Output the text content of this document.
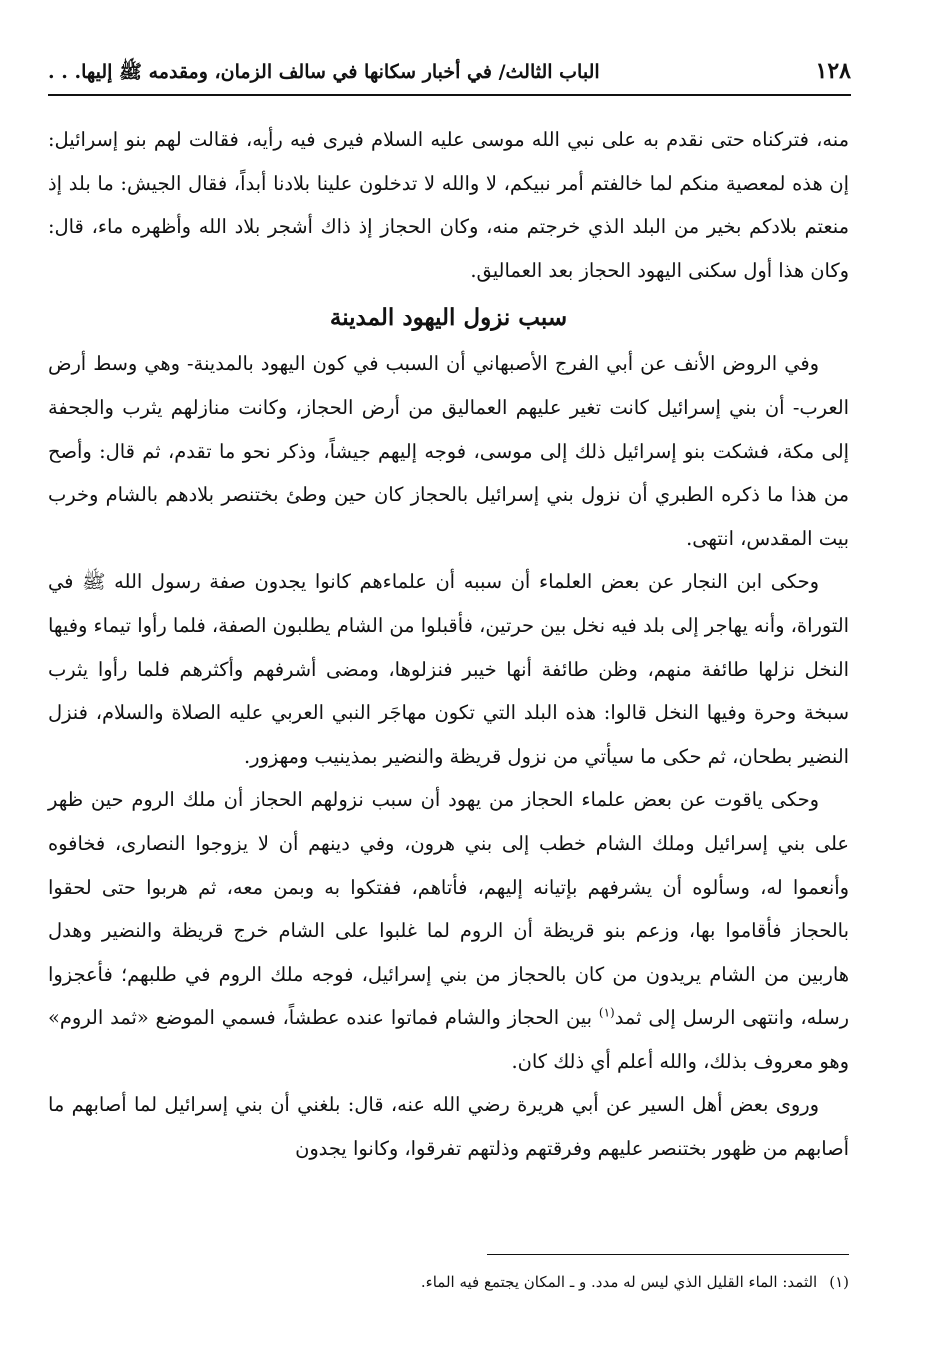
١٢٨
الباب الثالث/ في أخبار سكانها في سالف الزمان، ومقدمه ﷺ إليها. . .

منه، فتركناه حتى نقدم به على نبي الله موسى عليه السلام فيرى فيه رأيه، فقالت لهم بنو إسرائيل: إن هذه لمعصية منكم لما خالفتم أمر نبيكم، لا والله لا تدخلون علينا بلادنا أبداً، فقال الجيش: ما بلد إذ منعتم بلادكم بخير من البلد الذي خرجتم منه، وكان الحجاز إذ ذاك أشجر بلاد الله وأظهره ماء، قال: وكان هذا أول سكنى اليهود الحجاز بعد العماليق.

سبب نزول اليهود المدينة

وفي الروض الأنف عن أبي الفرج الأصبهاني أن السبب في كون اليهود بالمدينة- وهي وسط أرض العرب- أن بني إسرائيل كانت تغير عليهم العماليق من أرض الحجاز، وكانت منازلهم يثرب والجحفة إلى مكة، فشكت بنو إسرائيل ذلك إلى موسى، فوجه إليهم جيشاً، وذكر نحو ما تقدم، ثم قال: وأصح من هذا ما ذكره الطبري أن نزول بني إسرائيل بالحجاز كان حين وطئ بختنصر بلادهم بالشام وخرب بيت المقدس، انتهى.

وحكى ابن النجار عن بعض العلماء أن سببه أن علماءهم كانوا يجدون صفة رسول الله ﷺ في التوراة، وأنه يهاجر إلى بلد فيه نخل بين حرتين، فأقبلوا من الشام يطلبون الصفة، فلما رأوا تيماء وفيها النخل نزلها طائفة منهم، وظن طائفة أنها خيبر فنزلوها، ومضى أشرفهم وأكثرهم فلما رأوا يثرب سبخة وحرة وفيها النخل قالوا: هذه البلد التي تكون مهاجَر النبي العربي عليه الصلاة والسلام، فنزل النضير بطحان، ثم حكى ما سيأتي من نزول قريظة والنضير بمذينيب ومهزور.

وحكى ياقوت عن بعض علماء الحجاز من يهود أن سبب نزولهم الحجاز أن ملك الروم حين ظهر على بني إسرائيل وملك الشام خطب إلى بني هرون، وفي دينهم أن لا يزوجوا النصارى، فخافوه وأنعموا له، وسألوه أن يشرفهم بإتيانه إليهم، فأتاهم، ففتكوا به وبمن معه، ثم هربوا حتى لحقوا بالحجاز فأقاموا بها، وزعم بنو قريظة أن الروم لما غلبوا على الشام خرج قريظة والنضير وهدل هاربين من الشام يريدون من كان بالحجاز من بني إسرائيل، فوجه ملك الروم في طلبهم؛ فأعجزوا رسله، وانتهى الرسل إلى ثمد$^{(١)}$ بين الحجاز والشام فماتوا عنده عطشاً، فسمي الموضع «ثمد الروم» وهو معروف بذلك، والله أعلم أي ذلك كان.

وروى بعض أهل السير عن أبي هريرة رضي الله عنه، قال: بلغني أن بني إسرائيل لما أصابهم ما أصابهم من ظهور بختنصر عليهم وفرقتهم وذلتهم تفرقوا، وكانوا يجدون

(١)الثمد: الماء القليل الذي ليس له مدد. و ـ المكان يجتمع فيه الماء.
